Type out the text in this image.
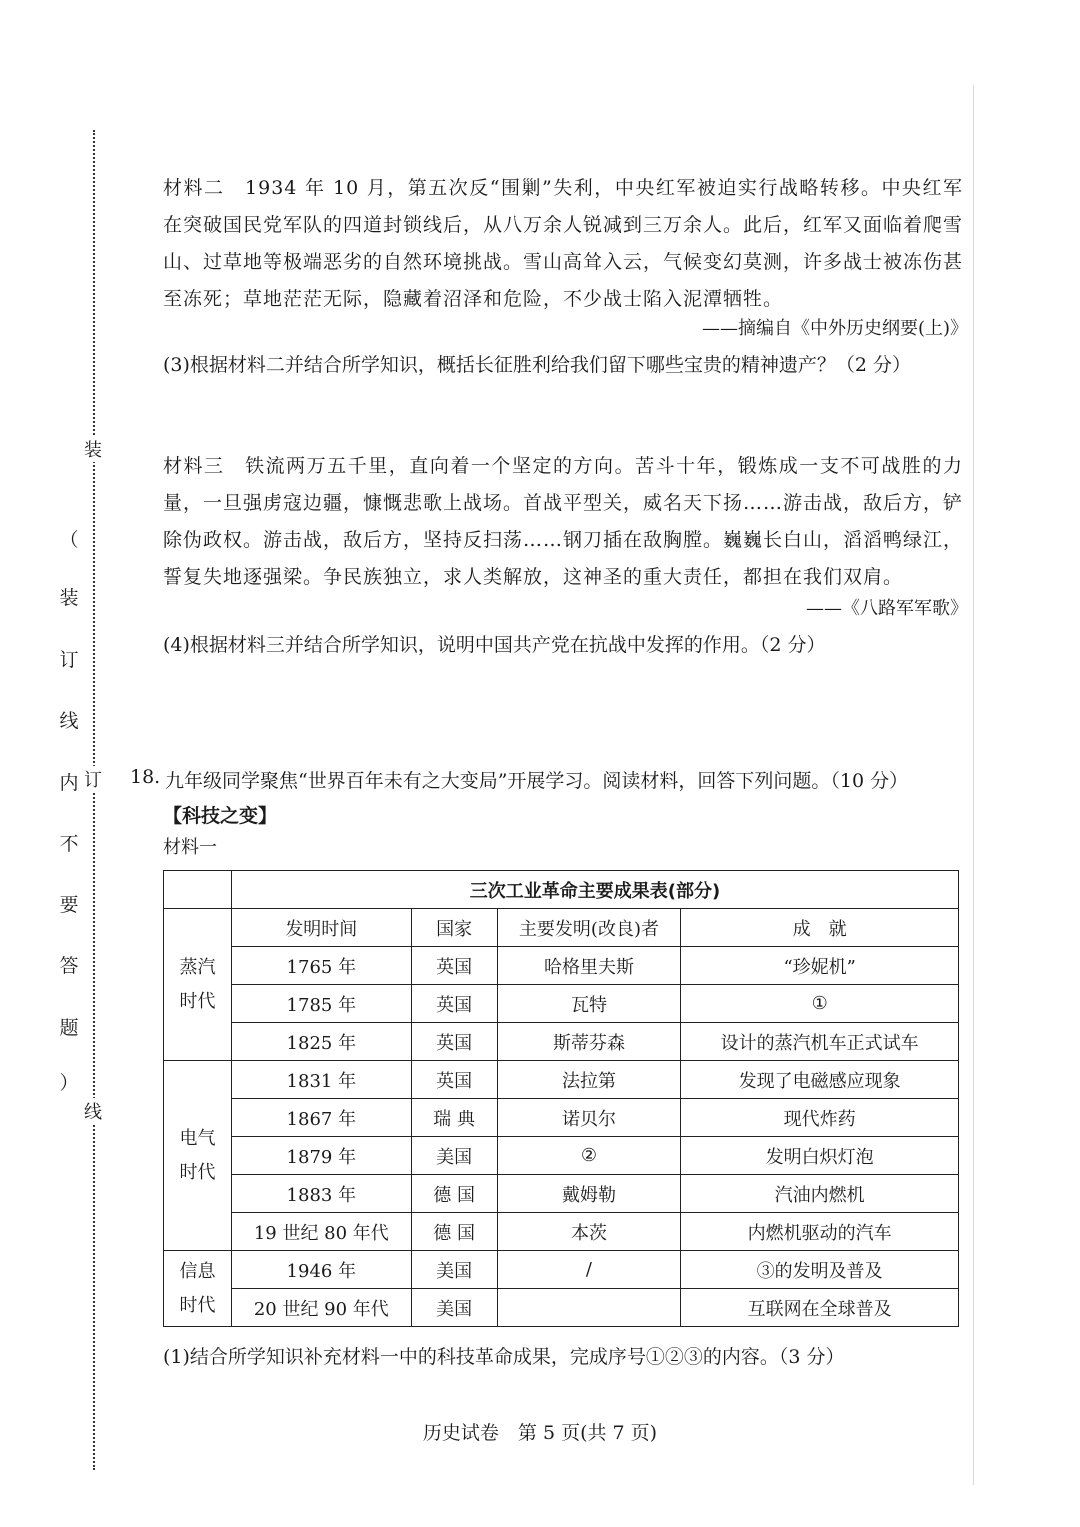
装
订
线
（
装
订
线
内
不
要
答
题
）
材料二　1934 年 10 月，第五次反“围剿”失利，中央红军被迫实行战略转移。中央红军在突破国民党军队的四道封锁线后，从八万余人锐减到三万余人。此后，红军又面临着爬雪山、过草地等极端恶劣的自然环境挑战。雪山高耸入云，气候变幻莫测，许多战士被冻伤甚至冻死；草地茫茫无际，隐藏着沼泽和危险，不少战士陷入泥潭牺牲。
——摘编自《中外历史纲要(上)》
(3)根据材料二并结合所学知识，概括长征胜利给我们留下哪些宝贵的精神遗产？（2 分）
材料三　铁流两万五千里，直向着一个坚定的方向。苦斗十年，锻炼成一支不可战胜的力量，一旦强虏寇边疆，慷慨悲歌上战场。首战平型关，威名天下扬……游击战，敌后方，铲除伪政权。游击战，敌后方，坚持反扫荡……钢刀插在敌胸膛。巍巍长白山，滔滔鸭绿江，誓复失地逐强梁。争民族独立，求人类解放，这神圣的重大责任，都担在我们双肩。
——《八路军军歌》
(4)根据材料三并结合所学知识，说明中国共产党在抗战中发挥的作用。（2 分）
18. 九年级同学聚焦“世界百年未有之大变局”开展学习。阅读材料，回答下列问题。（10 分）
【科技之变】
材料一
	三次工业革命主要成果表(部分)			
蒸汽
时代	发明时间	国家	主要发明(改良)者	成　就
	1765 年	英国	哈格里夫斯	“珍妮机”
	1785 年	英国	瓦特	①
	1825 年	英国	斯蒂芬森	设计的蒸汽机车正式试车
电气
时代	1831 年	英国	法拉第	发现了电磁感应现象
	1867 年	瑞 典	诺贝尔	现代炸药
	1879 年	美国	②	发明白炽灯泡
	1883 年	德 国	戴姆勒	汽油内燃机
	19 世纪 80 年代	德 国	本茨	内燃机驱动的汽车
信息
时代	1946 年	美国	/	③的发明及普及
	20 世纪 90 年代	美国		互联网在全球普及
(1)结合所学知识补充材料一中的科技革命成果，完成序号①②③的内容。（3 分）
历史试卷　第 5 页(共 7 页)
